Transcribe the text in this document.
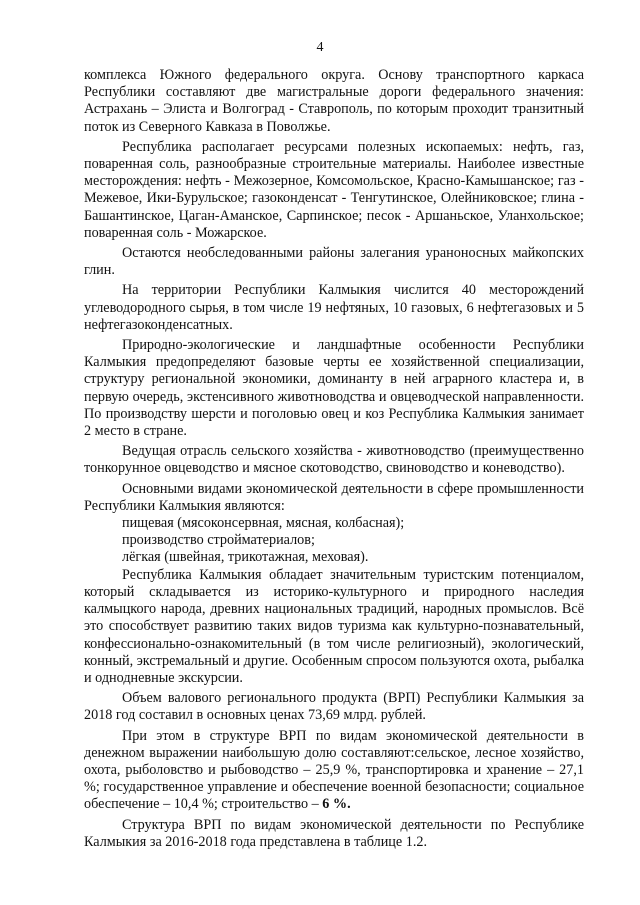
4

комплекса Южного федерального округа. Основу транспортного каркаса Республики составляют две магистральные дороги федерального значения: Астрахань – Элиста и Волгоград - Ставрополь, по которым проходит транзитный поток из Северного Кавказа в Поволжье.

Республика располагает ресурсами полезных ископаемых: нефть, газ, поваренная соль, разнообразные строительные материалы. Наиболее известные месторождения: нефть - Межозерное, Комсомольское, Красно-Камышанское; газ - Межевое, Ики-Бурульское; газоконденсат - Тенгутинское, Олейниковское; глина - Башантинское, Цаган-Аманское, Сарпинское; песок - Аршаньское, Уланхольское; поваренная соль - Можарское.

Остаются необследованными районы залегания ураноносных майкопских глин.

На территории Республики Калмыкия числится 40 месторождений углеводородного сырья, в том числе 19 нефтяных, 10 газовых, 6 нефтегазовых и 5 нефтегазоконденсатных.

Природно-экологические и ландшафтные особенности Республики Калмыкия предопределяют базовые черты ее хозяйственной специализации, структуру региональной экономики, доминанту в ней аграрного кластера и, в первую очередь, экстенсивного животноводства и овцеводческой направленности. По производству шерсти и поголовью овец и коз Республика Калмыкия занимает 2 место в стране.

Ведущая отрасль сельского хозяйства - животноводство (преимущественно тонкорунное овцеводство и мясное скотоводство, свиноводство и коневодство).

Основными видами экономической деятельности в сфере промышленности Республики Калмыкия являются:

пищевая (мясоконсервная, мясная, колбасная);

производство стройматериалов;

лёгкая (швейная, трикотажная, меховая).

Республика Калмыкия обладает значительным туристским потенциалом, который складывается из историко-культурного и природного наследия калмыцкого народа, древних национальных традиций, народных промыслов. Всё это способствует развитию таких видов туризма как культурно-познавательный, конфессионально-ознакомительный (в том числе религиозный), экологический, конный, экстремальный и другие. Особенным спросом пользуются охота, рыбалка и однодневные экскурсии.

Объем валового регионального продукта (ВРП) Республики Калмыкия за 2018 год составил в основных ценах 73,69 млрд. рублей.

При этом в структуре ВРП по видам экономической деятельности в денежном выражении наибольшую долю составляют:сельское, лесное хозяйство, охота, рыболовство и рыбоводство – 25,9 %, транспортировка и хранение – 27,1 %; государственное управление и обеспечение военной безопасности; социальное обеспечение – 10,4 %; строительство – 6 %.

Структура ВРП по видам экономической деятельности по Республике Калмыкия за 2016-2018 года представлена в таблице 1.2.
